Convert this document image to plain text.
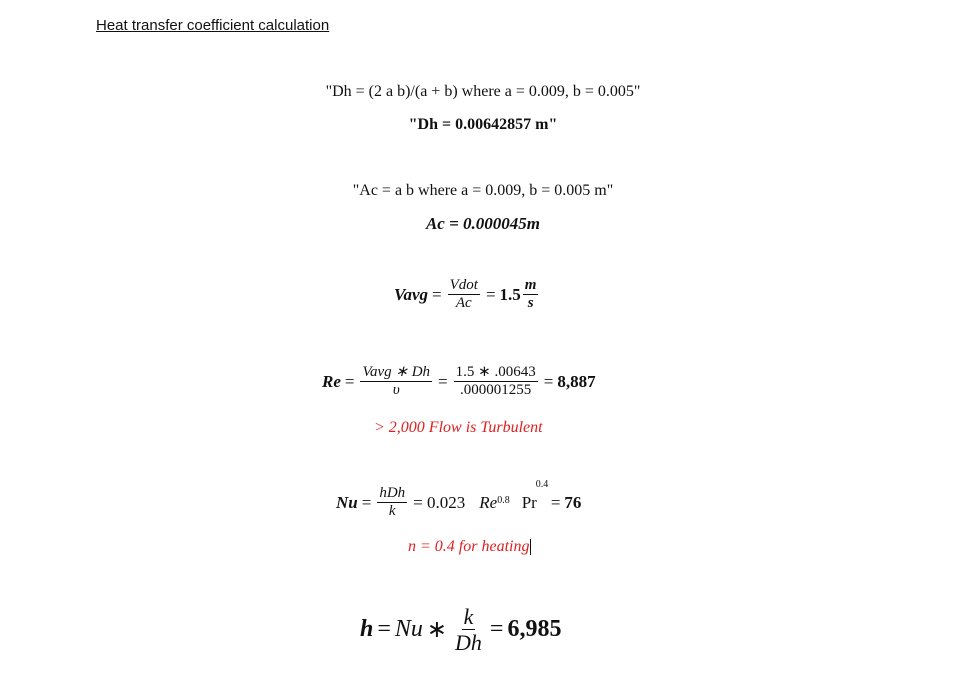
Heat transfer coefficient calculation
"Dh = (2 a b)/(a + b) where a = 0.009, b = 0.005"
"Dh = 0.00642857 m"
"Ac = a b where a = 0.009, b = 0.005 m"
Ac = 0.000045m
Vavg = $\frac{\text{Vdot}}{Ac} = 1.5 \frac{m}{s}$
$Re = \frac{\text{Vavg ∗ Dh}}{\upsilon} = \frac{1.5 ∗ .00643}{.000001255} = 8,887$
> 2,000 Flow is Turbulent
$Nu = \frac{\text{hDh}}{k} = 0.023$ $Re^{0.8}$
0.4
Pr = 76
n = 0.4 for heating
h = Nu ∗ $\frac{k}{Dh} = 6,985$
